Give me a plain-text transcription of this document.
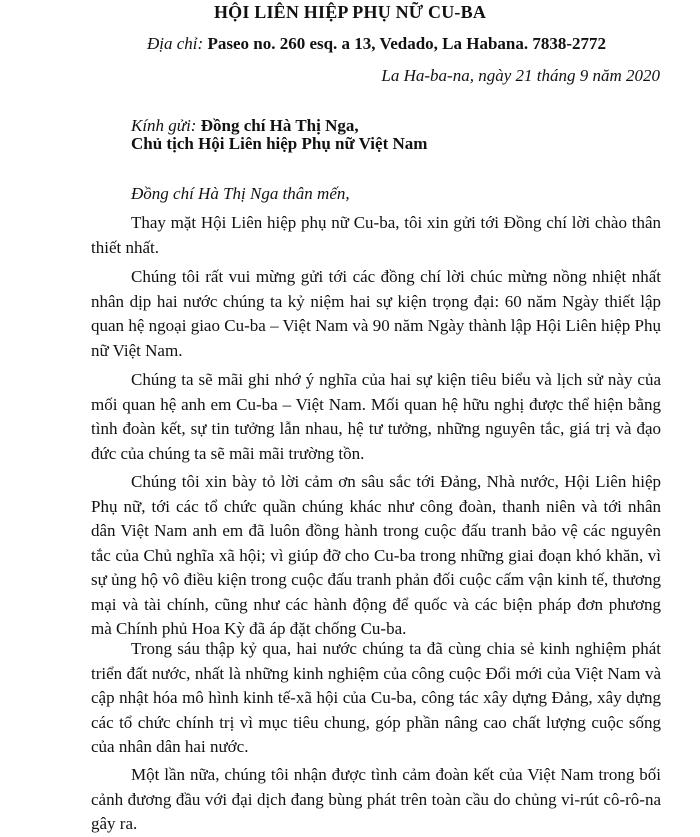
HỘI LIÊN HIỆP PHỤ NỮ CU-BA
Địa chỉ: Paseo no. 260 esq. a 13, Vedado, La Habana. 7838-2772
La Ha-ba-na, ngày 21 tháng 9 năm 2020
Kính gửi: Đồng chí Hà Thị Nga,
Chủ tịch Hội Liên hiệp Phụ nữ Việt Nam
Đồng chí Hà Thị Nga thân mến,

Thay mặt Hội Liên hiệp phụ nữ Cu-ba, tôi xin gửi tới Đồng chí lời chào thân thiết nhất.

Chúng tôi rất vui mừng gửi tới các đồng chí lời chúc mừng nồng nhiệt nhất nhân dịp hai nước chúng ta kỷ niệm hai sự kiện trọng đại: 60 năm Ngày thiết lập quan hệ ngoại giao Cu-ba – Việt Nam và 90 năm Ngày thành lập Hội Liên hiệp Phụ nữ Việt Nam.

Chúng ta sẽ mãi ghi nhớ ý nghĩa của hai sự kiện tiêu biểu và lịch sử này của mối quan hệ anh em Cu-ba – Việt Nam. Mối quan hệ hữu nghị được thể hiện bằng tình đoàn kết, sự tin tưởng lẫn nhau, hệ tư tưởng, những nguyên tắc, giá trị và đạo đức của chúng ta sẽ mãi mãi trường tồn.

Chúng tôi xin bày tỏ lời cảm ơn sâu sắc tới Đảng, Nhà nước, Hội Liên hiệp Phụ nữ, tới các tổ chức quần chúng khác như công đoàn, thanh niên và tới nhân dân Việt Nam anh em đã luôn đồng hành trong cuộc đấu tranh bảo vệ các nguyên tắc của Chủ nghĩa xã hội; vì giúp đỡ cho Cu-ba trong những giai đoạn khó khăn, vì sự ủng hộ vô điều kiện trong cuộc đấu tranh phản đối cuộc cấm vận kinh tế, thương mại và tài chính, cũng như các hành động để quốc và các biện pháp đơn phương mà Chính phủ Hoa Kỳ đã áp đặt chống Cu-ba.

Trong sáu thập kỷ qua, hai nước chúng ta đã cùng chia sẻ kinh nghiệm phát triển đất nước, nhất là những kinh nghiệm của công cuộc Đổi mới của Việt Nam và cập nhật hóa mô hình kinh tế-xã hội của Cu-ba, công tác xây dựng Đảng, xây dựng các tổ chức chính trị vì mục tiêu chung, góp phần nâng cao chất lượng cuộc sống của nhân dân hai nước.

Một lần nữa, chúng tôi nhận được tình cảm đoàn kết của Việt Nam trong bối cảnh đương đầu với đại dịch đang bùng phát trên toàn cầu do chủng vi-rút cô-rô-na gây ra.
